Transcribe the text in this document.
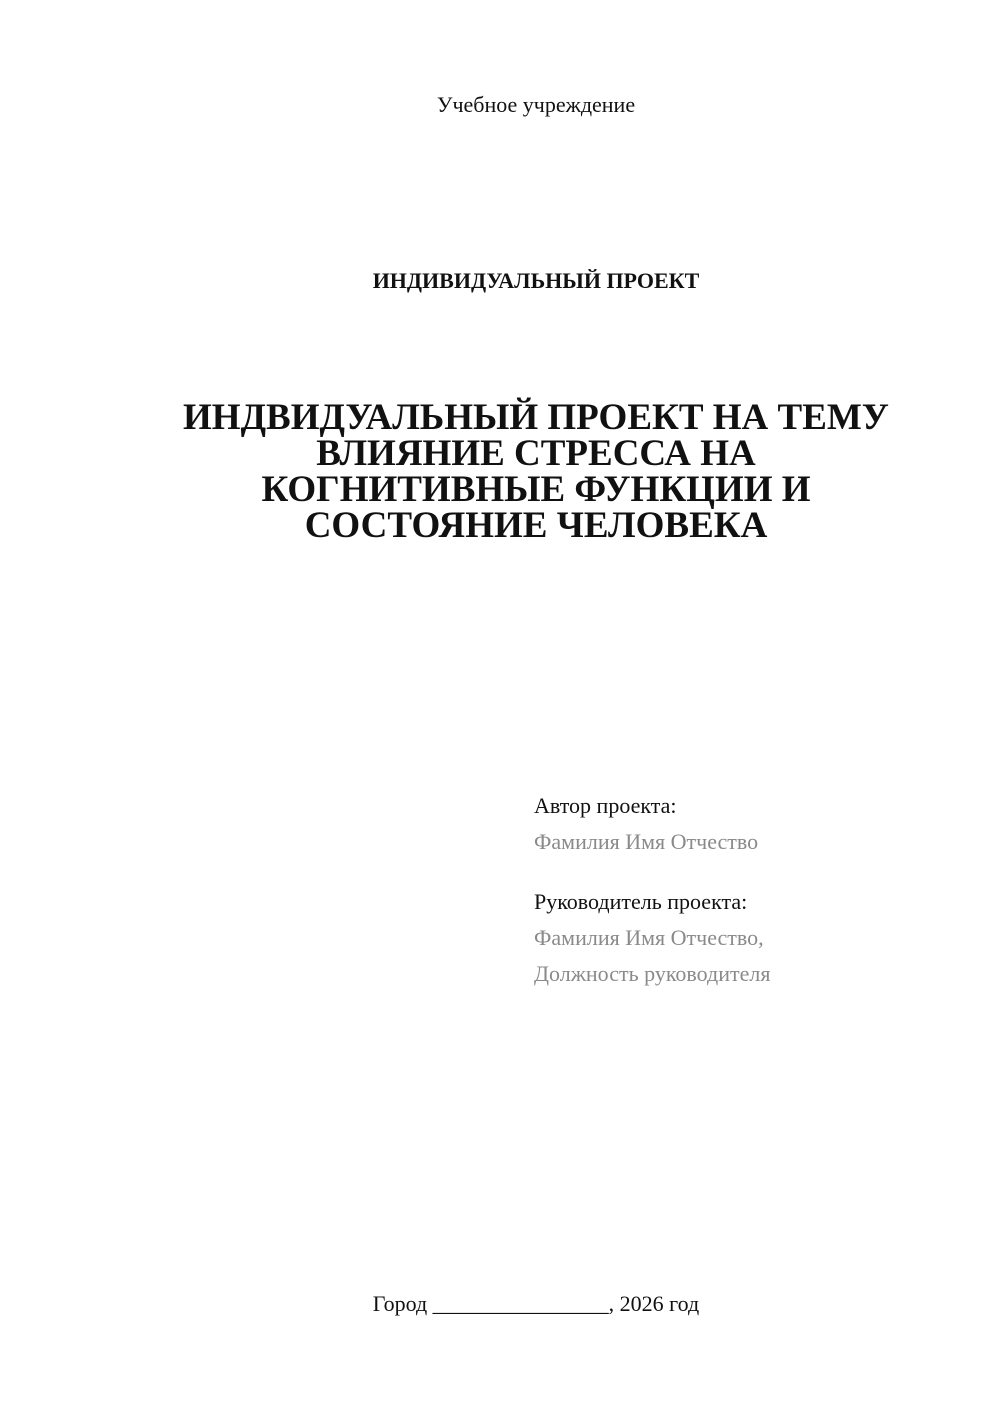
Учебное учреждение
ИНДИВИДУАЛЬНЫЙ ПРОЕКТ
ИНДВИДУАЛЬНЫЙ ПРОЕКТ НА ТЕМУ
ВЛИЯНИЕ СТРЕССА НА
КОГНИТИВНЫЕ ФУНКЦИИ И
СОСТОЯНИЕ ЧЕЛОВЕКА
Автор проекта:
Фамилия Имя Отчество
Руководитель проекта:
Фамилия Имя Отчество,
Должность руководителя
Город ________________, 2026 год
